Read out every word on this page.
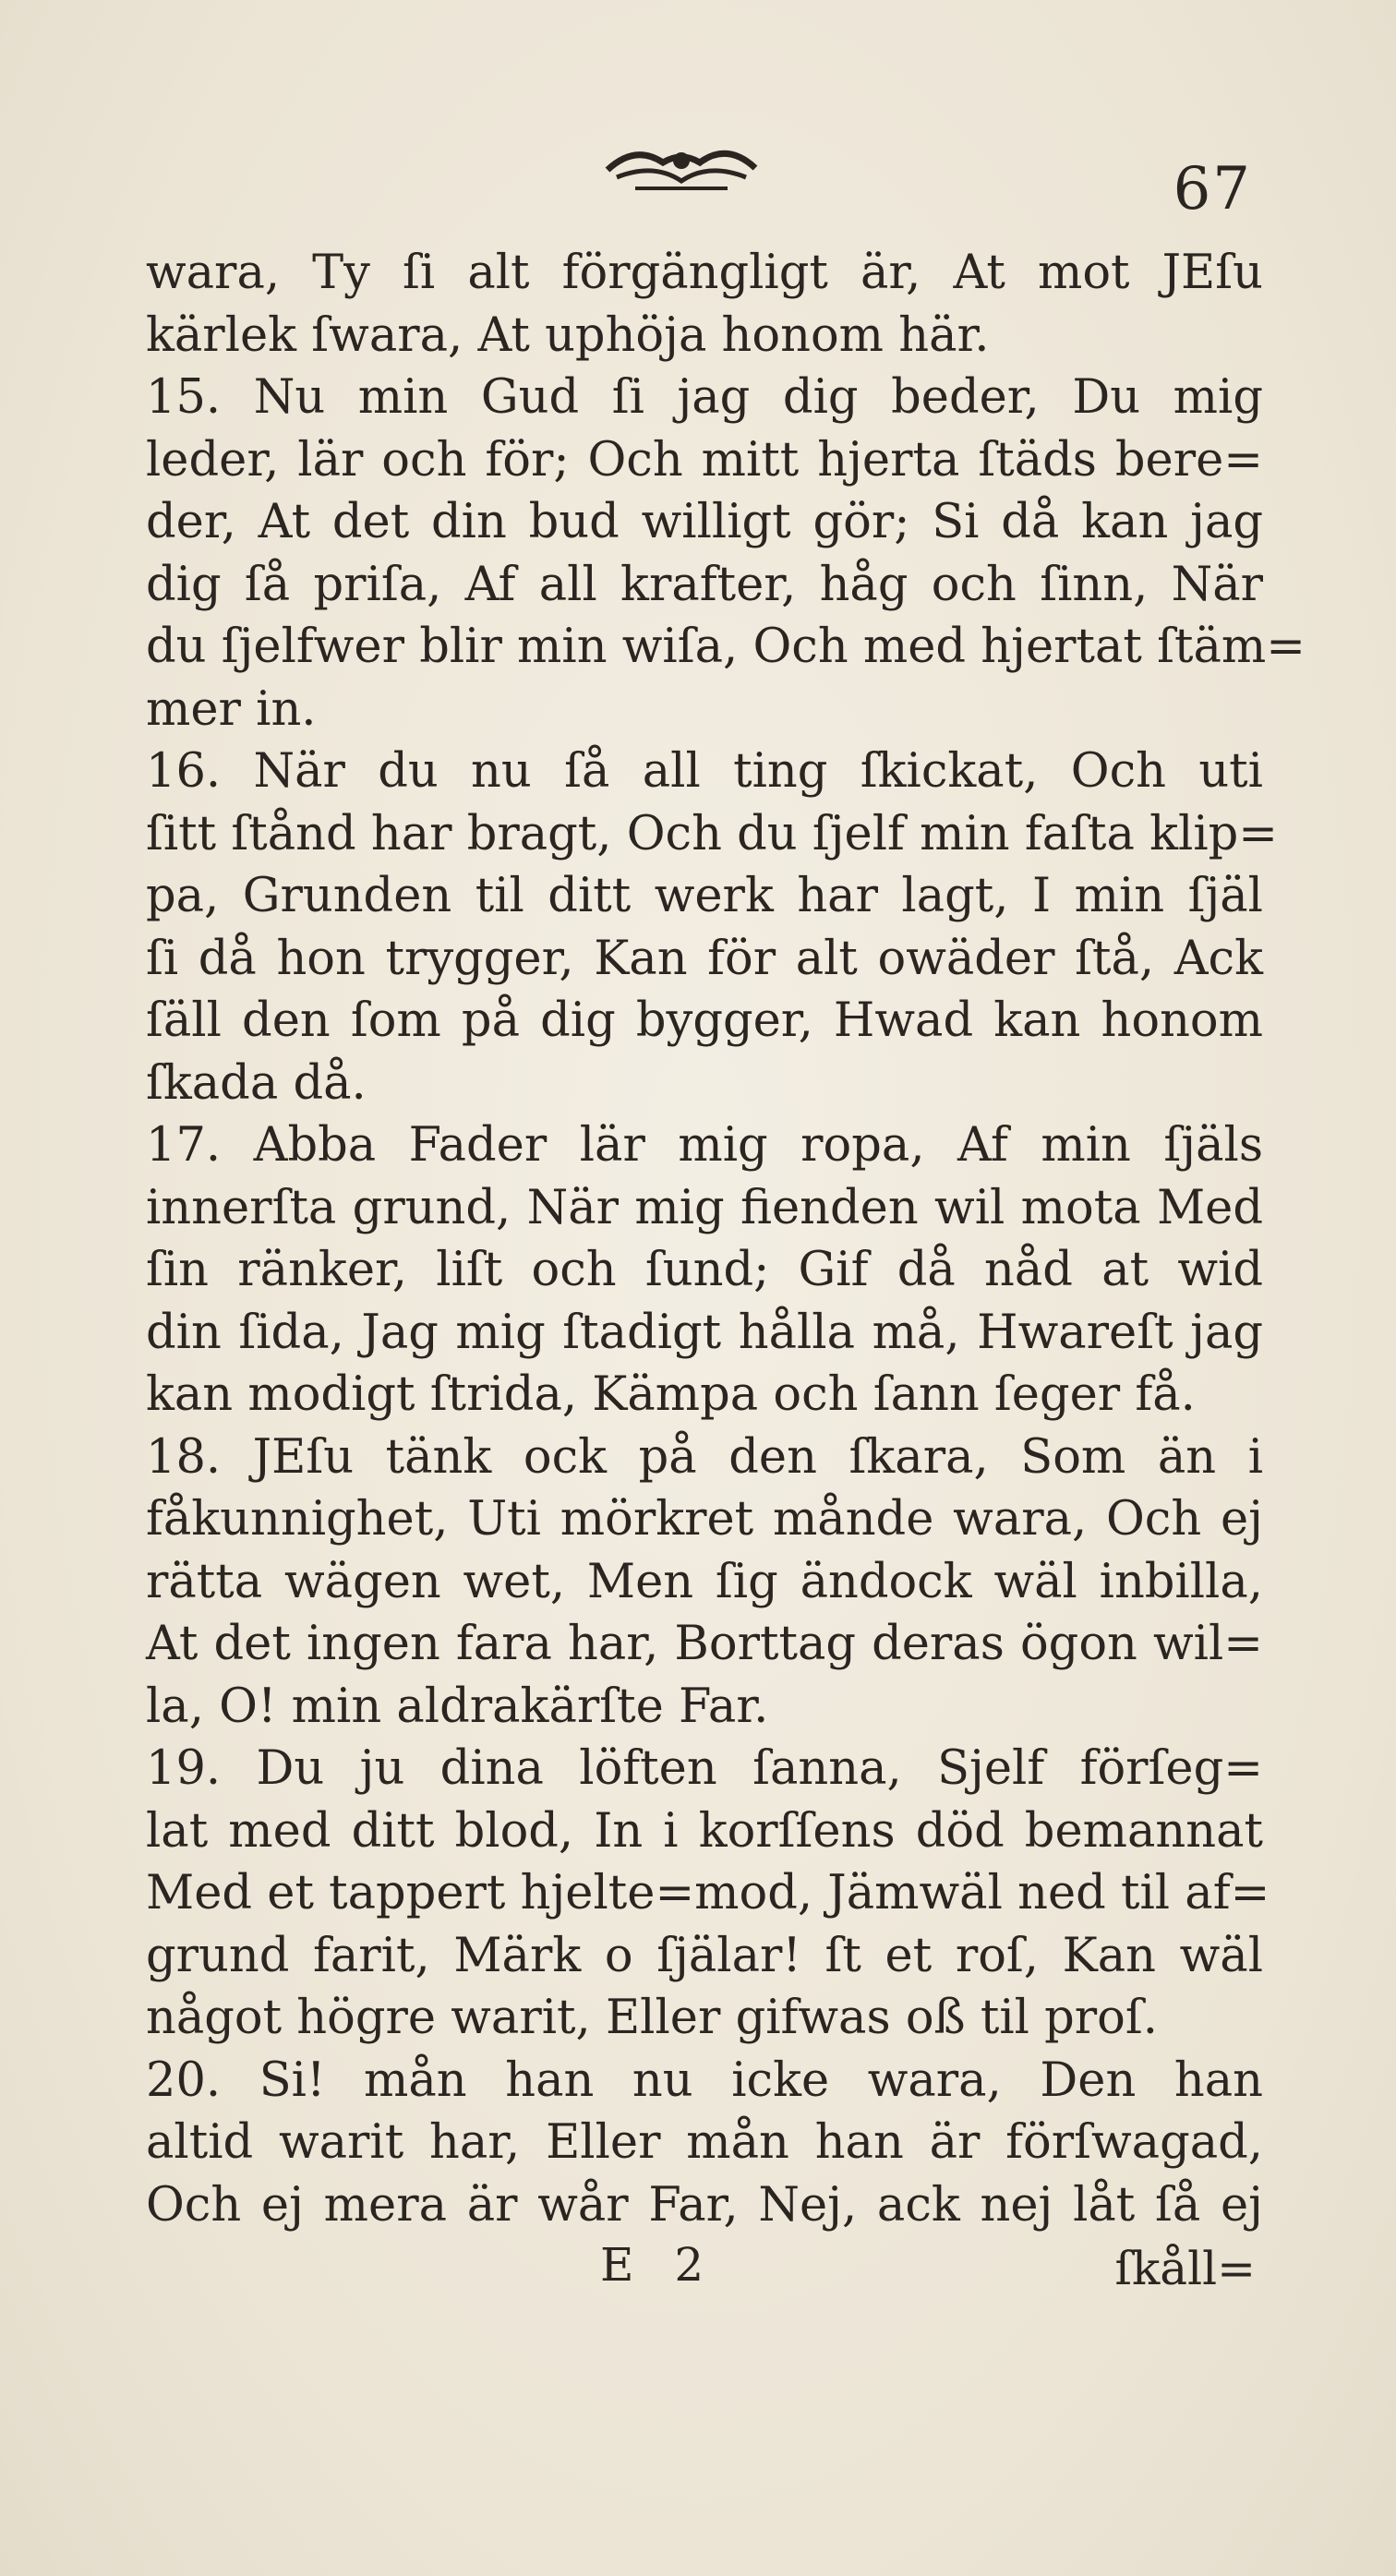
67
wara, Ty ſi alt förgängligt är, At mot JEſu
kärlek ſwara, At uphöja honom här.
15. Nu min Gud ſi jag dig beder, Du mig
leder, lär och för; Och mitt hjerta ſtäds bere=
der, At det din bud willigt gör; Si då kan jag
dig ſå priſa, Af all krafter, håg och ſinn, När
du ſjelfwer blir min wiſa, Och med hjertat ſtäm=
mer in.
16. När du nu ſå all ting ſkickat, Och uti
ſitt ſtånd har bragt, Och du ſjelf min faſta klip=
pa, Grunden til ditt werk har lagt, I min ſjäl
ſi då hon trygger, Kan för alt owäder ſtå, Ack
ſäll den ſom på dig bygger, Hwad kan honom
ſkada då.
17. Abba Fader lär mig ropa, Af min ſjäls
innerſta grund, När mig fienden wil mota Med
ſin ränker, liſt och ſund; Gif då nåd at wid
din ſida, Jag mig ſtadigt hålla må, Hwareſt jag
kan modigt ſtrida, Kämpa och ſann ſeger få.
18. JEſu tänk ock på den ſkara, Som än i
fåkunnighet, Uti mörkret månde wara, Och ej
rätta wägen wet, Men ſig ändock wäl inbilla,
At det ingen fara har, Borttag deras ögon wil=
la, O! min aldrakärſte Far.
19. Du ju dina löften ſanna, Sjelf förſeg=
lat med ditt blod, In i korſſens död bemannat
Med et tappert hjelte=mod, Jämwäl ned til af=
grund farit, Märk o ſjälar! ſt et roſ, Kan wäl
något högre warit, Eller gifwas oß til proſ.
20. Si! mån han nu icke wara, Den han
altid warit har, Eller mån han är förſwagad,
Och ej mera är wår Far, Nej, ack nej låt ſå ej
E 2	ſkåll=
